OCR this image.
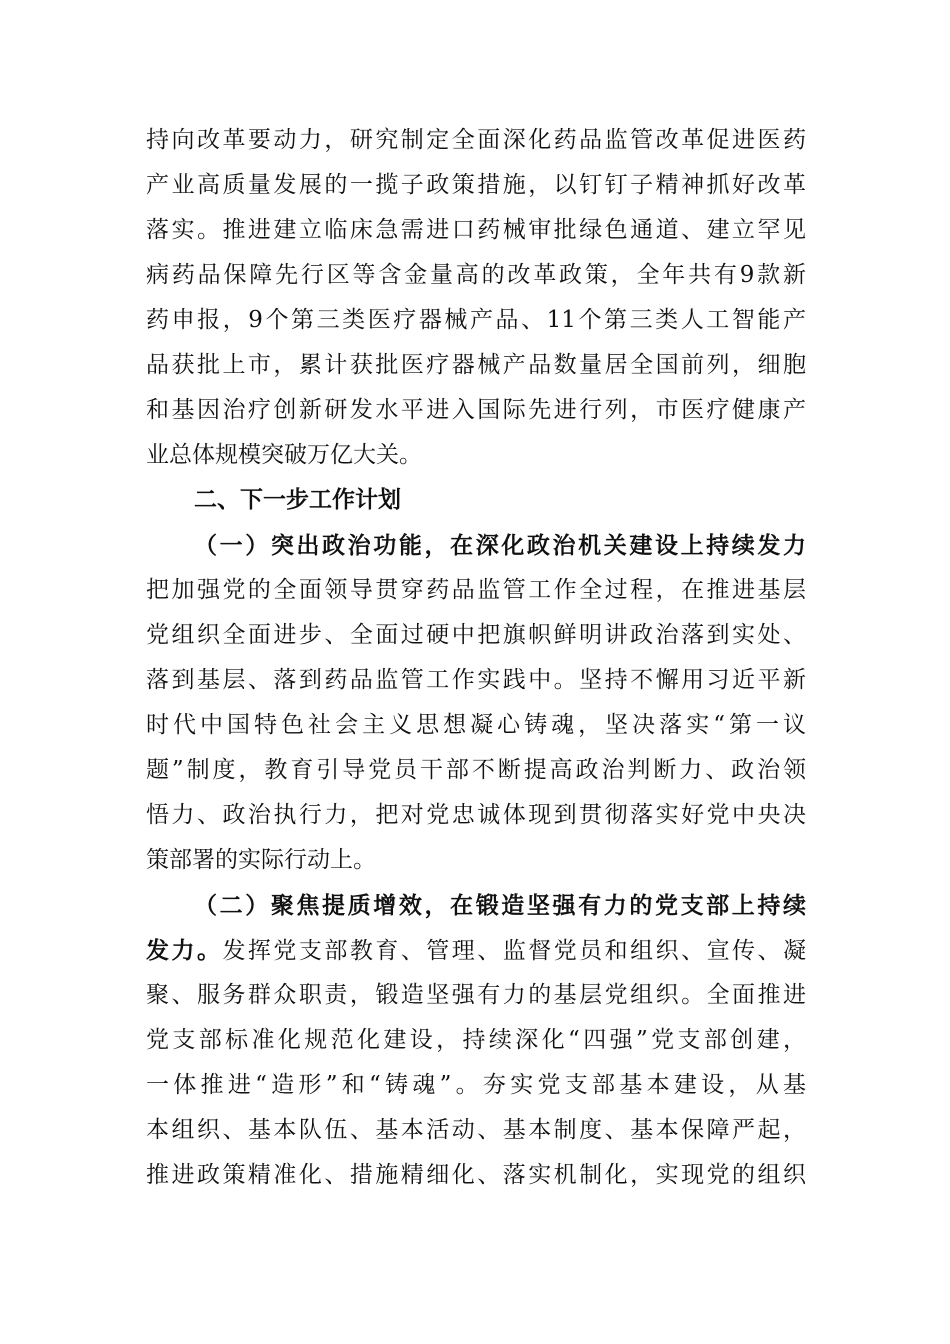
持向改革要动力，研究制定全面深化药品监管改革促进医药
产业高质量发展的一揽子政策措施，以钉钉子精神抓好改革
落实。推进建立临床急需进口药械审批绿色通道、建立罕见
病药品保障先行区等含金量高的改革政策，全年共有9款新
药申报，9个第三类医疗器械产品、11个第三类人工智能产
品获批上市，累计获批医疗器械产品数量居全国前列，细胞
和基因治疗创新研发水平进入国际先进行列，市医疗健康产
业总体规模突破万亿大关。
二、下一步工作计划
（一）突出政治功能，在深化政治机关建设上持续发力
把加强党的全面领导贯穿药品监管工作全过程，在推进基层
党组织全面进步、全面过硬中把旗帜鲜明讲政治落到实处、
落到基层、落到药品监管工作实践中。坚持不懈用习近平新
时代中国特色社会主义思想凝心铸魂，坚决落实“第一议
题”制度，教育引导党员干部不断提高政治判断力、政治领
悟力、政治执行力，把对党忠诚体现到贯彻落实好党中央决
策部署的实际行动上。
（二）聚焦提质增效，在锻造坚强有力的党支部上持续
发力。发挥党支部教育、管理、监督党员和组织、宣传、凝
聚、服务群众职责，锻造坚强有力的基层党组织。全面推进
党支部标准化规范化建设，持续深化“四强”党支部创建，
一体推进“造形”和“铸魂”。夯实党支部基本建设，从基
本组织、基本队伍、基本活动、基本制度、基本保障严起，
推进政策精准化、措施精细化、落实机制化，实现党的组织
